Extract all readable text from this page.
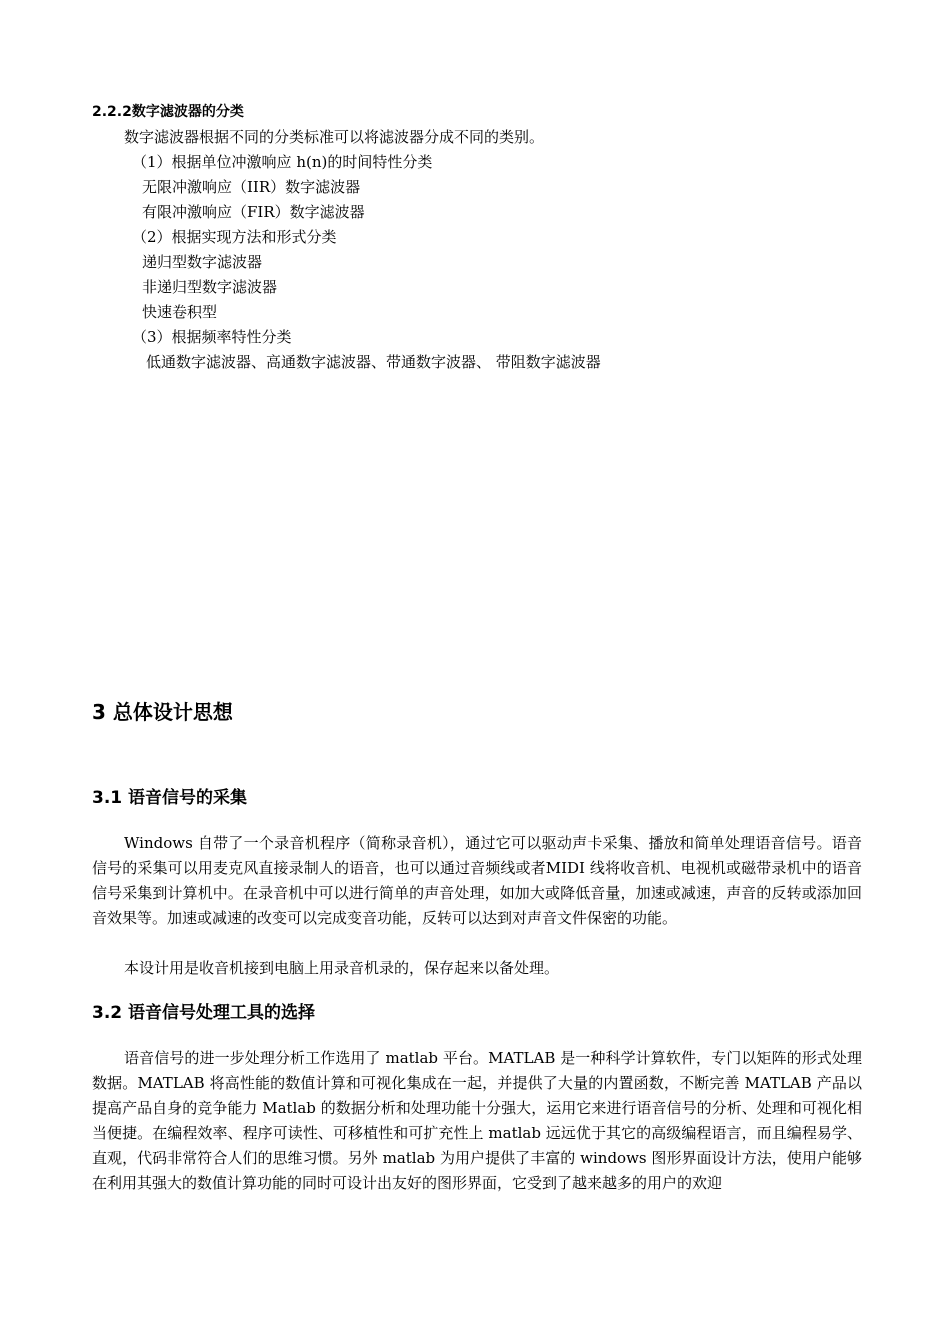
2.2.2数字滤波器的分类
数字滤波器根据不同的分类标准可以将滤波器分成不同的类别。
（1）根据单位冲激响应 h(n)的时间特性分类
无限冲激响应（IIR）数字滤波器
有限冲激响应（FIR）数字滤波器
（2）根据实现方法和形式分类
递归型数字滤波器
非递归型数字滤波器
快速卷积型
（3）根据频率特性分类
低通数字滤波器、高通数字滤波器、带通数字波器、 带阻数字滤波器
3 总体设计思想
3.1 语音信号的采集
Windows 自带了一个录音机程序（简称录音机），通过它可以驱动声卡采集、播放和简单处理语音信号。语音信号的采集可以用麦克风直接录制人的语音，也可以通过音频线或者MIDI 线将收音机、电视机或磁带录机中的语音信号采集到计算机中。在录音机中可以进行简单的声音处理，如加大或降低音量，加速或减速，声音的反转或添加回音效果等。加速或减速的改变可以完成变音功能，反转可以达到对声音文件保密的功能。
本设计用是收音机接到电脑上用录音机录的，保存起来以备处理。
3.2 语音信号处理工具的选择
语音信号的进一步处理分析工作选用了 matlab 平台。MATLAB 是一种科学计算软件，专门以矩阵的形式处理数据。MATLAB 将高性能的数值计算和可视化集成在一起，并提供了大量的内置函数，不断完善 MATLAB 产品以提高产品自身的竞争能力 Matlab 的数据分析和处理功能十分强大，运用它来进行语音信号的分析、处理和可视化相当便捷。在编程效率、程序可读性、可移植性和可扩充性上 matlab 远远优于其它的高级编程语言，而且编程易学、直观，代码非常符合人们的思维习惯。另外 matlab 为用户提供了丰富的 windows 图形界面设计方法，使用户能够在利用其强大的数值计算功能的同时可设计出友好的图形界面，它受到了越来越多的用户的欢迎
